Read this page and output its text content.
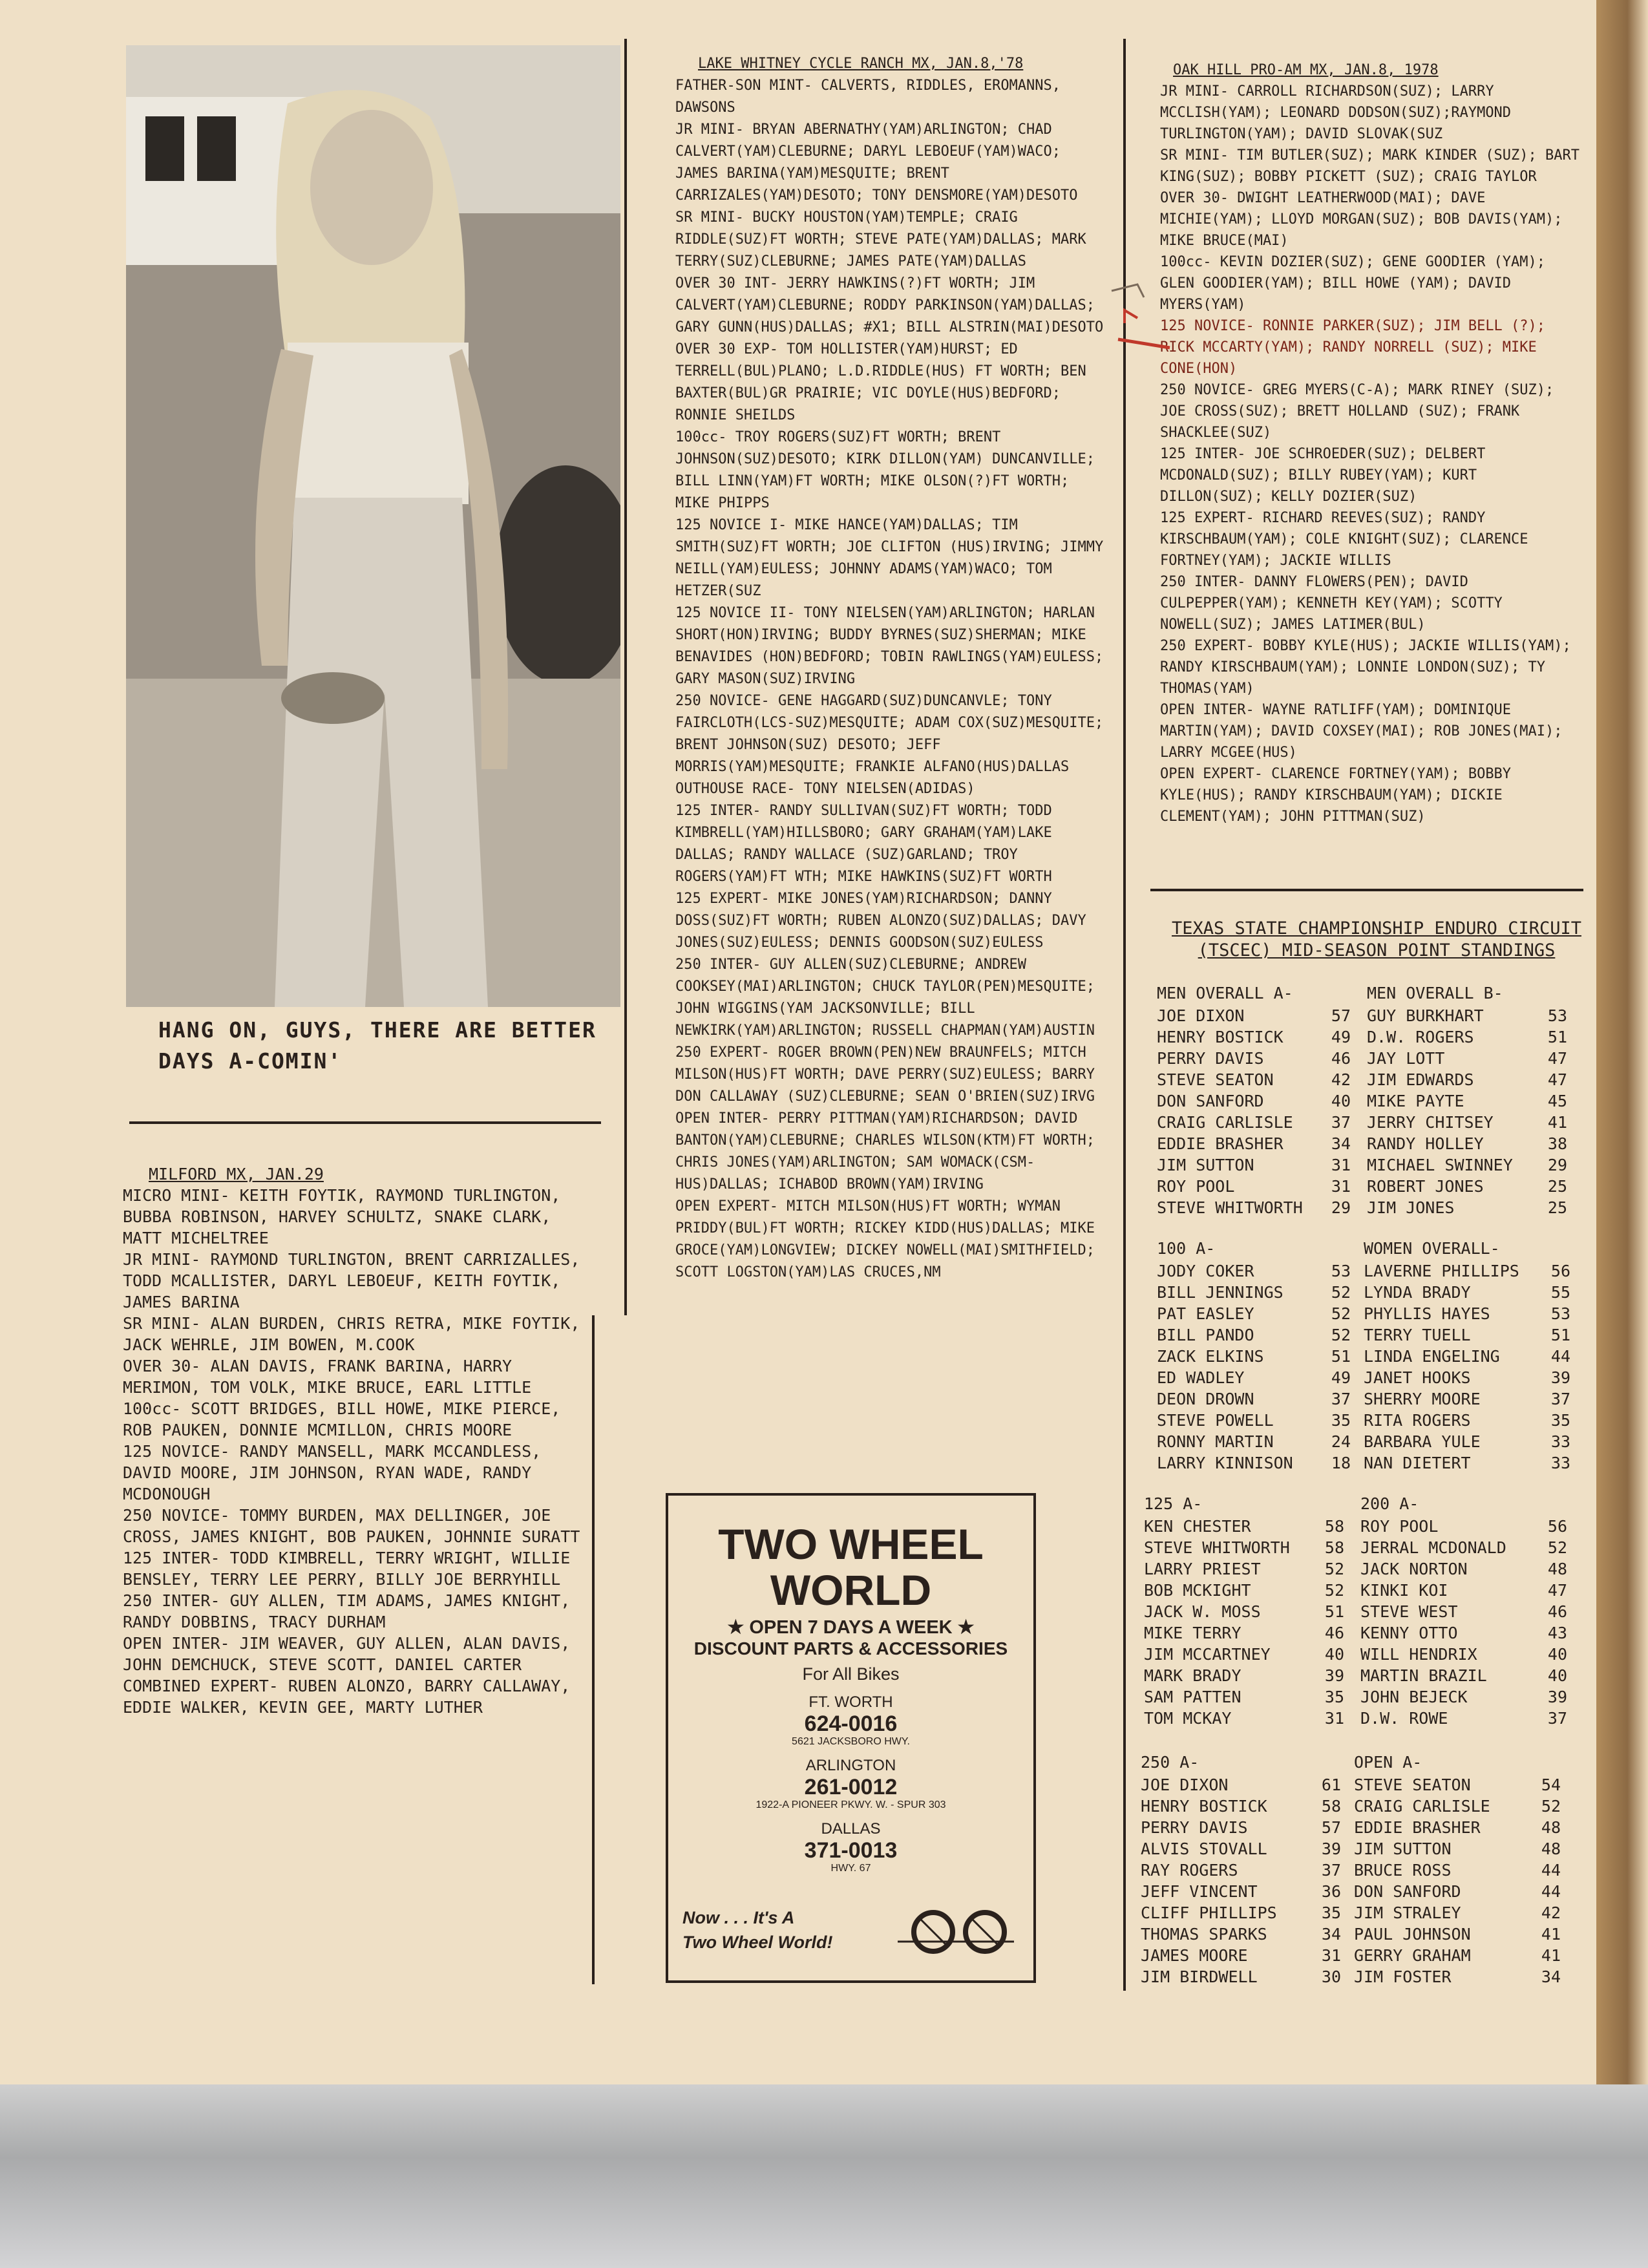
HANG ON, GUYS, THERE ARE BETTER DAYS A-COMIN'
MILFORD MX, JAN.29

MICRO MINI- KEITH FOYTIK, RAYMOND TURLINGTON, BUBBA ROBINSON, HARVEY SCHULTZ, SNAKE CLARK, MATT MICHELTREE

JR MINI- RAYMOND TURLINGTON, BRENT CARRIZALLES, TODD MCALLISTER, DARYL LEBOEUF, KEITH FOYTIK, JAMES BARINA

SR MINI- ALAN BURDEN, CHRIS RETRA, MIKE FOYTIK, JACK WEHRLE, JIM BOWEN, M.COOK

OVER 30- ALAN DAVIS, FRANK BARINA, HARRY MERIMON, TOM VOLK, MIKE BRUCE, EARL LITTLE

100cc- SCOTT BRIDGES, BILL HOWE, MIKE PIERCE, ROB PAUKEN, DONNIE MCMILLON, CHRIS MOORE

125 NOVICE- RANDY MANSELL, MARK MCCANDLESS, DAVID MOORE, JIM JOHNSON, RYAN WADE, RANDY MCDONOUGH

250 NOVICE- TOMMY BURDEN, MAX DELLINGER, JOE CROSS, JAMES KNIGHT, BOB PAUKEN, JOHNNIE SURATT

125 INTER- TODD KIMBRELL, TERRY WRIGHT, WILLIE BENSLEY, TERRY LEE PERRY, BILLY JOE BERRYHILL

250 INTER- GUY ALLEN, TIM ADAMS, JAMES KNIGHT, RANDY DOBBINS, TRACY DURHAM

OPEN INTER- JIM WEAVER, GUY ALLEN, ALAN DAVIS, JOHN DEMCHUCK, STEVE SCOTT, DANIEL CARTER

COMBINED EXPERT- RUBEN ALONZO, BARRY CALLAWAY, EDDIE WALKER, KEVIN GEE, MARTY LUTHER

LAKE WHITNEY CYCLE RANCH MX, JAN.8,'78

FATHER-SON MINT- CALVERTS, RIDDLES, EROMANNS, DAWSONS

JR MINI- BRYAN ABERNATHY(YAM)ARLINGTON; CHAD CALVERT(YAM)CLEBURNE; DARYL LEBOEUF(YAM)WACO; JAMES BARINA(YAM)MESQUITE; BRENT CARRIZALES(YAM)DESOTO; TONY DENSMORE(YAM)DESOTO

SR MINI- BUCKY HOUSTON(YAM)TEMPLE; CRAIG RIDDLE(SUZ)FT WORTH; STEVE PATE(YAM)DALLAS; MARK TERRY(SUZ)CLEBURNE; JAMES PATE(YAM)DALLAS

OVER 30 INT- JERRY HAWKINS(?)FT WORTH; JIM CALVERT(YAM)CLEBURNE; RODDY PARKINSON(YAM)DALLAS; GARY GUNN(HUS)DALLAS; #X1; BILL ALSTRIN(MAI)DESOTO

OVER 30 EXP- TOM HOLLISTER(YAM)HURST; ED TERRELL(BUL)PLANO; L.D.RIDDLE(HUS) FT WORTH; BEN BAXTER(BUL)GR PRAIRIE; VIC DOYLE(HUS)BEDFORD; RONNIE SHEILDS

100cc- TROY ROGERS(SUZ)FT WORTH; BRENT JOHNSON(SUZ)DESOTO; KIRK DILLON(YAM) DUNCANVILLE; BILL LINN(YAM)FT WORTH; MIKE OLSON(?)FT WORTH; MIKE PHIPPS

125 NOVICE I- MIKE HANCE(YAM)DALLAS; TIM SMITH(SUZ)FT WORTH; JOE CLIFTON (HUS)IRVING; JIMMY NEILL(YAM)EULESS; JOHNNY ADAMS(YAM)WACO; TOM HETZER(SUZ

125 NOVICE II- TONY NIELSEN(YAM)ARLINGTON; HARLAN SHORT(HON)IRVING; BUDDY BYRNES(SUZ)SHERMAN; MIKE BENAVIDES (HON)BEDFORD; TOBIN RAWLINGS(YAM)EULESS; GARY MASON(SUZ)IRVING

250 NOVICE- GENE HAGGARD(SUZ)DUNCANVLE; TONY FAIRCLOTH(LCS-SUZ)MESQUITE; ADAM COX(SUZ)MESQUITE; BRENT JOHNSON(SUZ) DESOTO; JEFF MORRIS(YAM)MESQUITE; FRANKIE ALFANO(HUS)DALLAS

OUTHOUSE RACE- TONY NIELSEN(ADIDAS)

125 INTER- RANDY SULLIVAN(SUZ)FT WORTH; TODD KIMBRELL(YAM)HILLSBORO; GARY GRAHAM(YAM)LAKE DALLAS; RANDY WALLACE (SUZ)GARLAND; TROY ROGERS(YAM)FT WTH; MIKE HAWKINS(SUZ)FT WORTH

125 EXPERT- MIKE JONES(YAM)RICHARDSON; DANNY DOSS(SUZ)FT WORTH; RUBEN ALONZO(SUZ)DALLAS; DAVY JONES(SUZ)EULESS; DENNIS GOODSON(SUZ)EULESS

250 INTER- GUY ALLEN(SUZ)CLEBURNE; ANDREW COOKSEY(MAI)ARLINGTON; CHUCK TAYLOR(PEN)MESQUITE; JOHN WIGGINS(YAM JACKSONVILLE; BILL NEWKIRK(YAM)ARLINGTON; RUSSELL CHAPMAN(YAM)AUSTIN

250 EXPERT- ROGER BROWN(PEN)NEW BRAUNFELS; MITCH MILSON(HUS)FT WORTH; DAVE PERRY(SUZ)EULESS; BARRY DON CALLAWAY (SUZ)CLEBURNE; SEAN O'BRIEN(SUZ)IRVG

OPEN INTER- PERRY PITTMAN(YAM)RICHARDSON; DAVID BANTON(YAM)CLEBURNE; CHARLES WILSON(KTM)FT WORTH; CHRIS JONES(YAM)ARLINGTON; SAM WOMACK(CSM-HUS)DALLAS; ICHABOD BROWN(YAM)IRVING

OPEN EXPERT- MITCH MILSON(HUS)FT WORTH; WYMAN PRIDDY(BUL)FT WORTH; RICKEY KIDD(HUS)DALLAS; MIKE GROCE(YAM)LONGVIEW; DICKEY NOWELL(MAI)SMITHFIELD; SCOTT LOGSTON(YAM)LAS CRUCES,NM

TWO WHEEL
WORLD
★ OPEN 7 DAYS A WEEK ★
DISCOUNT PARTS & ACCESSORIES
For All Bikes
FT. WORTH
624-0016
5621 JACKSBORO HWY.
ARLINGTON
261-0012
1922-A PIONEER PKWY. W. - SPUR 303
DALLAS
371-0013
HWY. 67
Now . . . It's A
Two Wheel World!
OAK HILL PRO-AM MX, JAN.8, 1978

JR MINI- CARROLL RICHARDSON(SUZ); LARRY MCCLISH(YAM); LEONARD DODSON(SUZ);RAYMOND TURLINGTON(YAM); DAVID SLOVAK(SUZ

SR MINI- TIM BUTLER(SUZ); MARK KINDER (SUZ); BART KING(SUZ); BOBBY PICKETT (SUZ); CRAIG TAYLOR

OVER 30- DWIGHT LEATHERWOOD(MAI); DAVE MICHIE(YAM); LLOYD MORGAN(SUZ); BOB DAVIS(YAM); MIKE BRUCE(MAI)

100cc- KEVIN DOZIER(SUZ); GENE GOODIER (YAM); GLEN GOODIER(YAM); BILL HOWE (YAM); DAVID MYERS(YAM)

125 NOVICE- RONNIE PARKER(SUZ); JIM BELL (?); RICK MCCARTY(YAM); RANDY NORRELL (SUZ); MIKE CONE(HON)

250 NOVICE- GREG MYERS(C-A); MARK RINEY (SUZ); JOE CROSS(SUZ); BRETT HOLLAND (SUZ); FRANK SHACKLEE(SUZ)

125 INTER- JOE SCHROEDER(SUZ); DELBERT MCDONALD(SUZ); BILLY RUBEY(YAM); KURT DILLON(SUZ); KELLY DOZIER(SUZ)

125 EXPERT- RICHARD REEVES(SUZ); RANDY KIRSCHBAUM(YAM); COLE KNIGHT(SUZ); CLARENCE FORTNEY(YAM); JACKIE WILLIS

250 INTER- DANNY FLOWERS(PEN); DAVID CULPEPPER(YAM); KENNETH KEY(YAM); SCOTTY NOWELL(SUZ); JAMES LATIMER(BUL)

250 EXPERT- BOBBY KYLE(HUS); JACKIE WILLIS(YAM); RANDY KIRSCHBAUM(YAM); LONNIE LONDON(SUZ); TY THOMAS(YAM)

OPEN INTER- WAYNE RATLIFF(YAM); DOMINIQUE MARTIN(YAM); DAVID COXSEY(MAI); ROB JONES(MAI); LARRY MCGEE(HUS)

OPEN EXPERT- CLARENCE FORTNEY(YAM); BOBBY KYLE(HUS); RANDY KIRSCHBAUM(YAM); DICKIE CLEMENT(YAM); JOHN PITTMAN(SUZ)

TEXAS STATE CHAMPIONSHIP ENDURO CIRCUIT (TSCEC) MID-SEASON POINT STANDINGS
MEN OVERALL A-
JOE DIXON	57
HENRY BOSTICK	49
PERRY DAVIS	46
STEVE SEATON	42
DON SANFORD	40
CRAIG CARLISLE 37
EDDIE BRASHER	34
JIM SUTTON	31
ROY POOL	31
STEVE WHITWORTH 29
MEN OVERALL B-
GUY BURKHART	53
D.W. ROGERS	51
JAY LOTT	47
JIM EDWARDS	47
MIKE PAYTE	45
JERRY CHITSEY	41
RANDY HOLLEY	38
MICHAEL SWINNEY 29
ROBERT JONES	25
JIM JONES	25
100 A-
JODY COKER	53
BILL JENNINGS	52
PAT EASLEY	52
BILL PANDO	52
ZACK ELKINS	51
ED WADLEY	49
DEON DROWN	37
STEVE POWELL	35
RONNY MARTIN	24
LARRY KINNISON 18
WOMEN OVERALL-
LAVERNE PHILLIPS 56
LYNDA BRADY	55
PHYLLIS HAYES	53
TERRY TUELL	51
LINDA ENGELING	44
JANET HOOKS	39
SHERRY MOORE	37
RITA ROGERS	35
BARBARA YULE	33
NAN DIETERT	33
125 A-
KEN CHESTER	58
STEVE WHITWORTH 58
LARRY PRIEST	52
BOB MCKIGHT	52
JACK W. MOSS	51
MIKE TERRY	46
JIM MCCARTNEY	40
MARK BRADY	39
SAM PATTEN	35
TOM MCKAY	31
200 A-
ROY POOL	56
JERRAL MCDONALD	52
JACK NORTON	48
KINKI KOI	47
STEVE WEST	46
KENNY OTTO	43
WILL HENDRIX	40
MARTIN BRAZIL	40
JOHN BEJECK	39
D.W. ROWE	37
250 A-
JOE DIXON	61
HENRY BOSTICK	58
PERRY DAVIS	57
ALVIS STOVALL	39
RAY ROGERS	37
JEFF VINCENT	36
CLIFF PHILLIPS	35
THOMAS SPARKS	34
JAMES MOORE	31
JIM BIRDWELL	30
OPEN A-
STEVE SEATON	54
CRAIG CARLISLE	52
EDDIE BRASHER	48
JIM SUTTON	48
BRUCE ROSS	44
DON SANFORD	44
JIM STRALEY	42
PAUL JOHNSON	41
GERRY GRAHAM	41
JIM FOSTER	34
